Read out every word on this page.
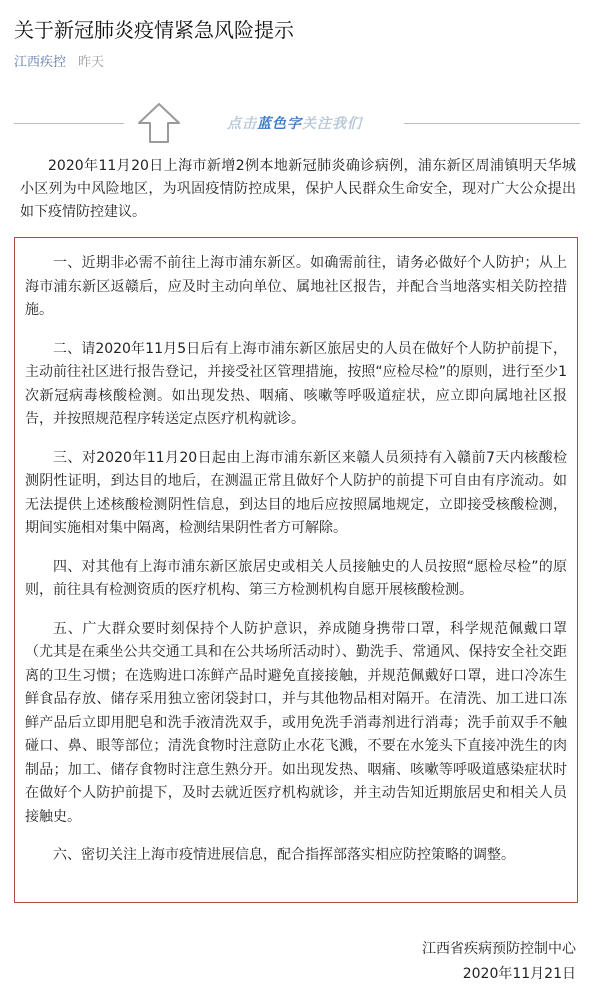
关于新冠肺炎疫情紧急风险提示
江西疾控 昨天
点击蓝色字关注我们
2020年11月20日上海市新增2例本地新冠肺炎确诊病例，浦东新区周浦镇明天华城小区列为中风险地区，为巩固疫情防控成果，保护人民群众生命安全，现对广大公众提出如下疫情防控建议。

一、近期非必需不前往上海市浦东新区。如确需前往，请务必做好个人防护；从上海市浦东新区返赣后，应及时主动向单位、属地社区报告，并配合当地落实相关防控措施。

二、请2020年11月5日后有上海市浦东新区旅居史的人员在做好个人防护前提下，主动前往社区进行报告登记，并接受社区管理措施，按照“应检尽检”的原则，进行至少1次新冠病毒核酸检测。如出现发热、咽痛、咳嗽等呼吸道症状，应立即向属地社区报告，并按照规范程序转送定点医疗机构就诊。

三、对2020年11月20日起由上海市浦东新区来赣人员须持有入赣前7天内核酸检测阴性证明，到达目的地后，在测温正常且做好个人防护的前提下可自由有序流动。如无法提供上述核酸检测阴性信息，到达目的地后应按照属地规定，立即接受核酸检测，期间实施相对集中隔离，检测结果阴性者方可解除。

四、对其他有上海市浦东新区旅居史或相关人员接触史的人员按照“愿检尽检”的原则，前往具有检测资质的医疗机构、第三方检测机构自愿开展核酸检测。

五、广大群众要时刻保持个人防护意识，养成随身携带口罩，科学规范佩戴口罩（尤其是在乘坐公共交通工具和在公共场所活动时）、勤洗手、常通风、保持安全社交距离的卫生习惯；在选购进口冻鲜产品时避免直接接触，并规范佩戴好口罩，进口冷冻生鲜食品存放、储存采用独立密闭袋封口，并与其他物品相对隔开。在清洗、加工进口冻鲜产品后立即用肥皂和洗手液清洗双手，或用免洗手消毒剂进行消毒；洗手前双手不触碰口、鼻、眼等部位；清洗食物时注意防止水花飞溅，不要在水笼头下直接冲洗生的肉制品；加工、储存食物时注意生熟分开。如出现发热、咽痛、咳嗽等呼吸道感染症状时在做好个人防护前提下，及时去就近医疗机构就诊，并主动告知近期旅居史和相关人员接触史。

六、密切关注上海市疫情进展信息，配合指挥部落实相应防控策略的调整。

江西省疾病预防控制中心
2020年11月21日
